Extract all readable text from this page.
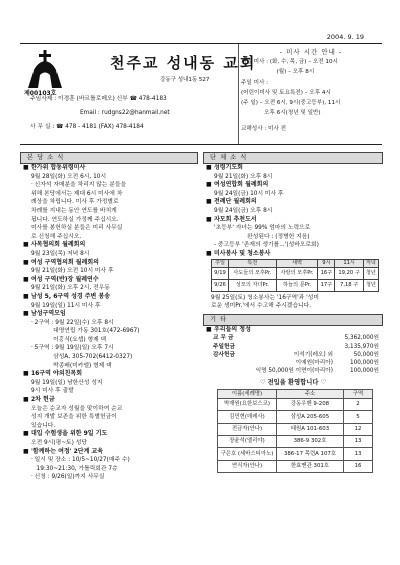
2004. 9. 19
제00103호
천주교 성내동 교회
강동구 성내1동 527
주임사제 : 이경훈 (바르톨로메오) 신부 ☎ 478-4183
Email : rudgns22@hanmail.net
사 무 실 : ☎ 478 - 4181 (FAX) 478-4184
- 미사 시간 안내 -
평일 미사 : (화, 수, 목, 금) – 오전 10시
(월) – 오후 8시
주일 미사 :
(어린이미사 및 토요특전) – 오후 4시
(주 일) – 오전 6시, 9시(중고등부), 11시
오후 6시(청년 및 일반)
교해성사 : 미사 전
본 당 소 식
■ 한가위 합동위령미사
9월 28일(화) 오전 6시, 10시
· 신자석 자매분을 차리지 않는 분들을
위해 본당에서는 제대 6시 미사에 차
례상을 차립니다. 미사 후 가정별로
차례를 지내는 동안 연도를 바치게
됩니다. 연도하실 가정께 주십시오.
미사를 봉헌하실 분들은 미리 사무실
로 신청해 주십시오.
■ 사목협의회 월례회의
9월 23일(목) 저녁 8시
■ 여성 구역협의회 월례회의
9월 21일(화) 오전 10시 미사 후
■ 여성 구역(반)장 월례연수
9월 21일(화) 오후 2시, 전우동
■ 남성 5, 6구역 성경 주변 봉송
9월 19일(일) 11시 미사 후
■ 남성구역모임
· 2구역 : 9월 22일(수) 오후 8시
대명연립 가동 301호(472-6967)
이홍식(요셉) 형제 댁
· 5구역 : 9월 19일(일) 오후 7시
삼성A, 305-702(6412-0327)
박종배(미카엘) 형제 댁
■ 16구역 야외친목회
9월 19일(일) 남한산성 성지
9시 미사 후 출발
■ 2차 헌금
오늘은 순교자 성월을 맞이하여 순교
성지 개발 보존을 위한 특별헌금이
있습니다.
■ 대입 수험생을 위한 9일 기도
오전 9시(평~토) 성당
■ '함께하는 여정' 2단계 교육
· 일시 및 장소 : 10/5~10/27(매주 수)
19:30~21:30, 가톨릭회관 7층
· 신청 : 9/26(일)까지 사무실
단 체 소 식
■ 성령기도회
9월 21일(화) 오후 8시
■ 여성연합회 월례회의
9월 24일(금) 10시 미사 후
■ 전례단 월례회의
9월 24일(금) 오후 8시
■ 자모회 추천도서
'초등부' 자녀는 99% 엄마의 노력으로
완성된다 : (정병헌 지음)
- 중고등부 '존재의 생기를...'(성바오로회)
■ 미사봉사 및 청소봉사
주일	특전	새벽	9시	11시	저녁
9/19	사도들의 모후Pr.	사랑의 모후Pr.	16구	19,20 구	청년
9/26	성모의 자녀Pr.	하늘의 문Pr.	17구	7,18 구	청년
9월 25일(토) 청소봉사는 '16구역'과 '성미
로운 생미Pr.'에서 수고해 주시겠습니다.
기 타
■ 우리들의 정성
교 무 금		5,362,000원
주일헌금		3,135,970원
감사헌금	이석기(레오) 외	50,000원
	이예원(마리아)	100,000원
	익명 50,000원 이면이(마리아)	100,000원
♡ 전입을 환영합니다 ♡
이름(세례명)	주소	구역
박재원(요한보스코)	강동우벤 9-208	2
김민현(데레사)	삼성A 205-605	5
전금자(안나)	태원A 101-603	12
장윤석(엘리야)	386-9 302호	13
구은호 (세바스티아노)	386-17 목련A 107호	13
연식자(안나)	한효맨관 301호	16
